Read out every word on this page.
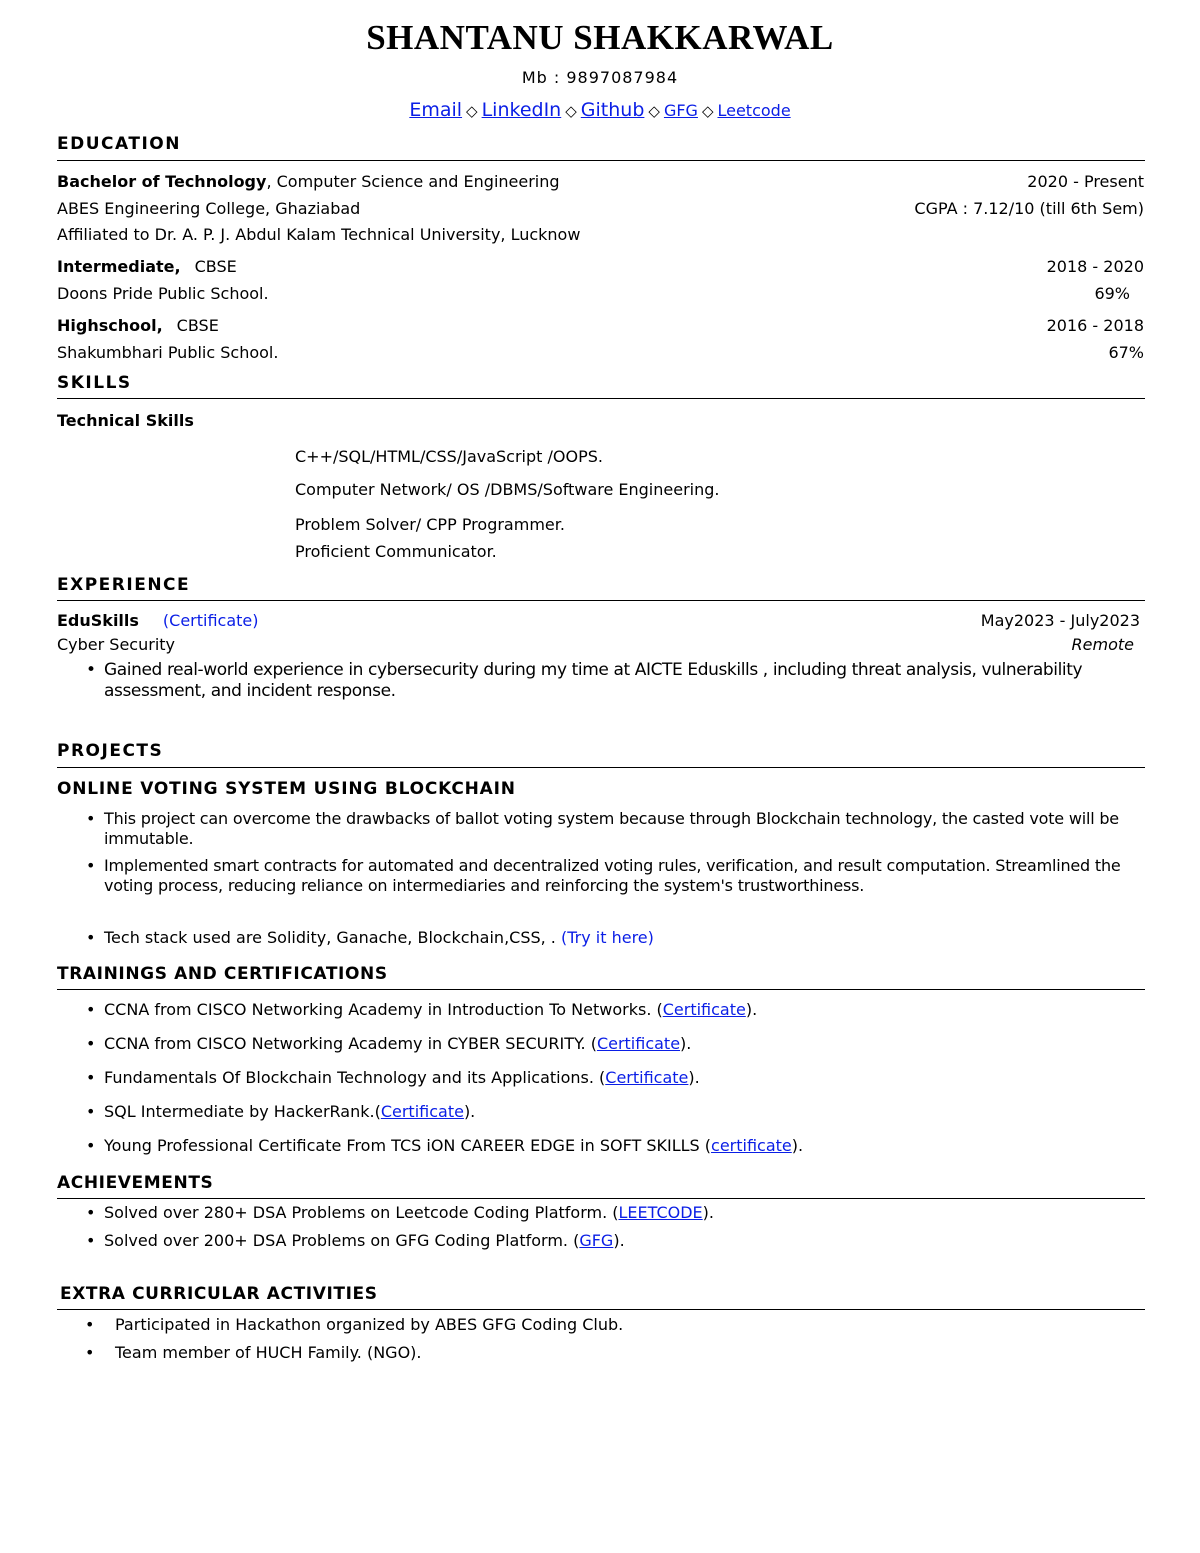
SHANTANU SHAKKARWAL
Mb : 9897087984
Email ◇ LinkedIn ◇ Github ◇ GFG ◇ Leetcode
EDUCATION
Bachelor of Technology, Computer Science and Engineering	2020 - Present
ABES Engineering College, Ghaziabad	CGPA : 7.12/10 (till 6th Sem)
Affiliated to Dr. A. P. J. Abdul Kalam Technical University, Lucknow
Intermediate, CBSE	2018 - 2020
Doons Pride Public School.	69%
Highschool, CBSE	2016 - 2018
Shakumbhari Public School.	67%
SKILLS
Technical Skills
C++/SQL/HTML/CSS/JavaScript /OOPS.
Computer Network/ OS /DBMS/Software Engineering.
Problem Solver/ CPP Programmer.
Proficient Communicator.
EXPERIENCE
EduSkills (Certificate)	May2023 - July2023
Cyber Security	Remote
• Gained real-world experience in cybersecurity during my time at AICTE Eduskills , including threat analysis, vulnerability assessment, and incident response.
PROJECTS
ONLINE VOTING SYSTEM USING BLOCKCHAIN
• This project can overcome the drawbacks of ballot voting system because through Blockchain technology, the casted vote will be immutable.
• Implemented smart contracts for automated and decentralized voting rules, verification, and result computation. Streamlined the voting process, reducing reliance on intermediaries and reinforcing the system's trustworthiness.
• Tech stack used are Solidity, Ganache, Blockchain,CSS, . (Try it here)
TRAININGS AND CERTIFICATIONS
• CCNA from CISCO Networking Academy in Introduction To Networks. (Certificate).
• CCNA from CISCO Networking Academy in CYBER SECURITY. (Certificate).
• Fundamentals Of Blockchain Technology and its Applications. (Certificate).
• SQL Intermediate by HackerRank.(Certificate).
• Young Professional Certificate From TCS iON CAREER EDGE in SOFT SKILLS (certificate).
ACHIEVEMENTS
• Solved over 280+ DSA Problems on Leetcode Coding Platform. (LEETCODE).
• Solved over 200+ DSA Problems on GFG Coding Platform. (GFG).
EXTRA CURRICULAR ACTIVITIES
• Participated in Hackathon organized by ABES GFG Coding Club.
• Team member of HUCH Family. (NGO).
